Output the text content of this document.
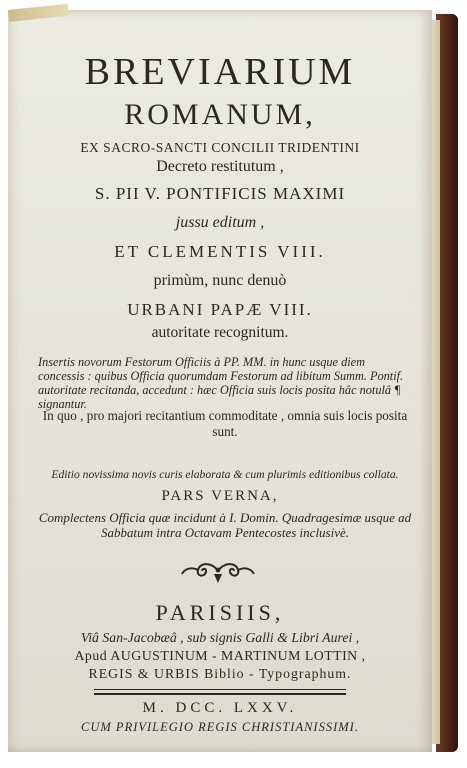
BREVIARIUM
ROMANUM,
EX SACRO-SANCTI CONCILII TRIDENTINI
Decreto restitutum ,
S. PII V. PONTIFICIS MAXIMI
jussu editum ,
ET CLEMENTIS VIII.
primùm, nunc denuò
URBANI PAPÆ VIII.
autoritate recognitum.
Insertis novorum Festorum Officiis à PP. MM. in hunc usque diem concessis : quibus Officia quorumdam Festorum ad libitum Summ. Pontif. autoritate recitanda, accedunt : hæc Officia suis locis posita hâc notulâ ¶ signantur.
In quo , pro majori recitantium commoditate , omnia suis locis posita sunt.
Editio novissima novis curis elaborata & cum plurimis editionibus collata.
PARS VERNA,
Complectens Officia quæ incidunt à I. Domin. Quadragesimæ usque ad Sabbatum intra Octavam Pentecostes inclusivè.
PARISIIS,
Viâ San-Jacobæâ , sub signis Galli & Libri Aurei ,
Apud AUGUSTINUM - MARTINUM LOTTIN ,
REGIS & URBIS Biblio - Typographum.
M. DCC. LXXV.
CUM PRIVILEGIO REGIS CHRISTIANISSIMI.
